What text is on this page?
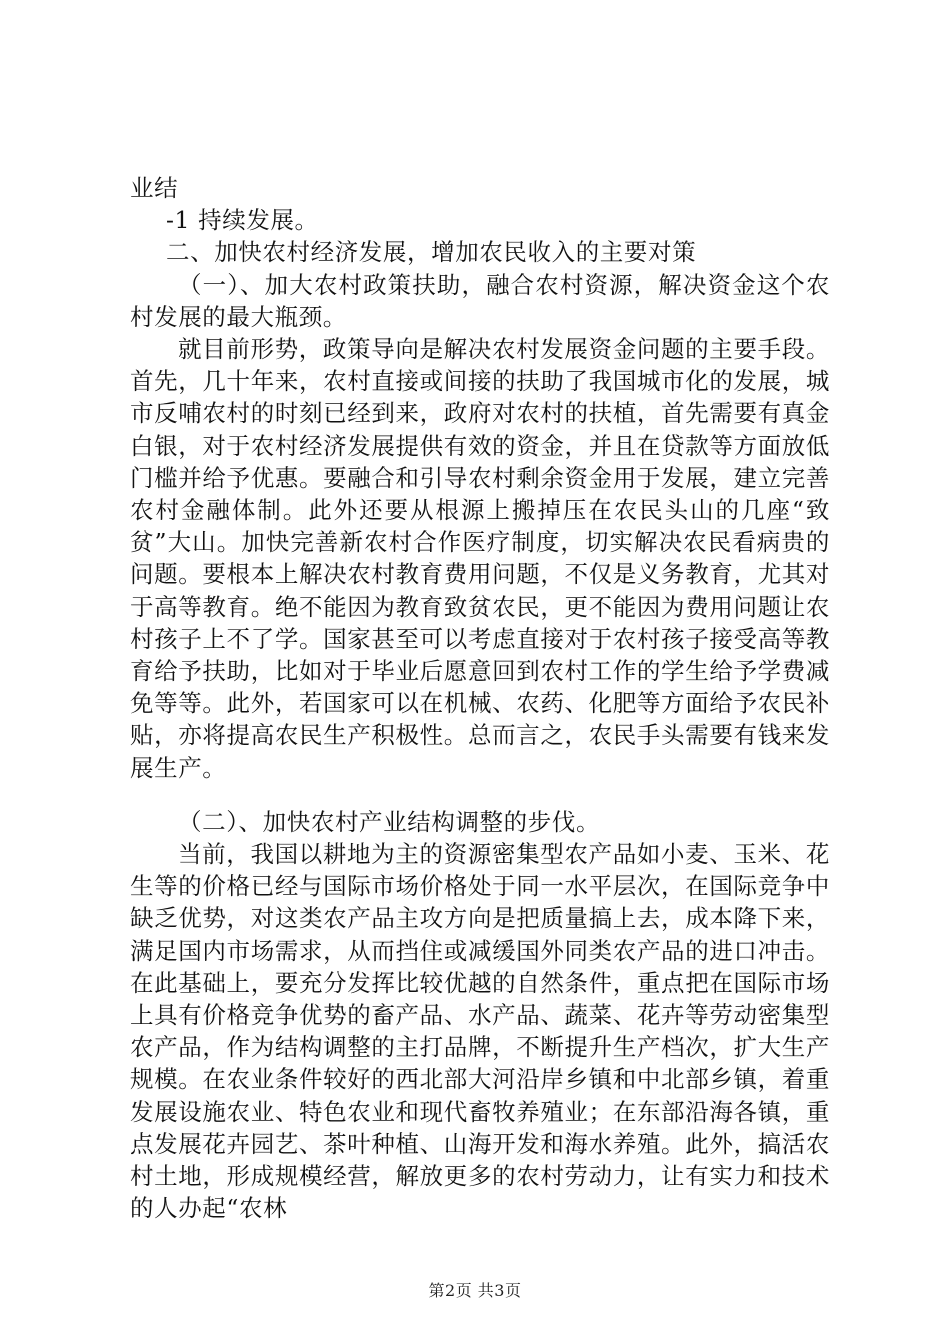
业结

-1 持续发展。

二、加快农村经济发展，增加农民收入的主要对策

（一）、加大农村政策扶助，融合农村资源，解决资金这个农村发展的最大瓶颈。

就目前形势，政策导向是解决农村发展资金问题的主要手段。首先，几十年来，农村直接或间接的扶助了我国城市化的发展，城市反哺农村的时刻已经到来，政府对农村的扶植，首先需要有真金白银，对于农村经济发展提供有效的资金，并且在贷款等方面放低门槛并给予优惠。要融合和引导农村剩余资金用于发展，建立完善农村金融体制。此外还要从根源上搬掉压在农民头山的几座“致贫”大山。加快完善新农村合作医疗制度，切实解决农民看病贵的问题。要根本上解决农村教育费用问题，不仅是义务教育，尤其对于高等教育。绝不能因为教育致贫农民，更不能因为费用问题让农村孩子上不了学。国家甚至可以考虑直接对于农村孩子接受高等教育给予扶助，比如对于毕业后愿意回到农村工作的学生给予学费减免等等。此外，若国家可以在机械、农药、化肥等方面给予农民补贴，亦将提高农民生产积极性。总而言之，农民手头需要有钱来发展生产。

（二）、加快农村产业结构调整的步伐。

当前，我国以耕地为主的资源密集型农产品如小麦、玉米、花生等的价格已经与国际市场价格处于同一水平层次，在国际竞争中缺乏优势，对这类农产品主攻方向是把质量搞上去，成本降下来，满足国内市场需求，从而挡住或减缓国外同类农产品的进口冲击。在此基础上，要充分发挥比较优越的自然条件，重点把在国际市场上具有价格竞争优势的畜产品、水产品、蔬菜、花卉等劳动密集型农产品，作为结构调整的主打品牌，不断提升生产档次，扩大生产规模。在农业条件较好的西北部大河沿岸乡镇和中北部乡镇，着重发展设施农业、特色农业和现代畜牧养殖业；在东部沿海各镇，重点发展花卉园艺、茶叶种植、山海开发和海水养殖。此外，搞活农村土地，形成规模经营，解放更多的农村劳动力，让有实力和技术的人办起“农林

第2页 共3页
